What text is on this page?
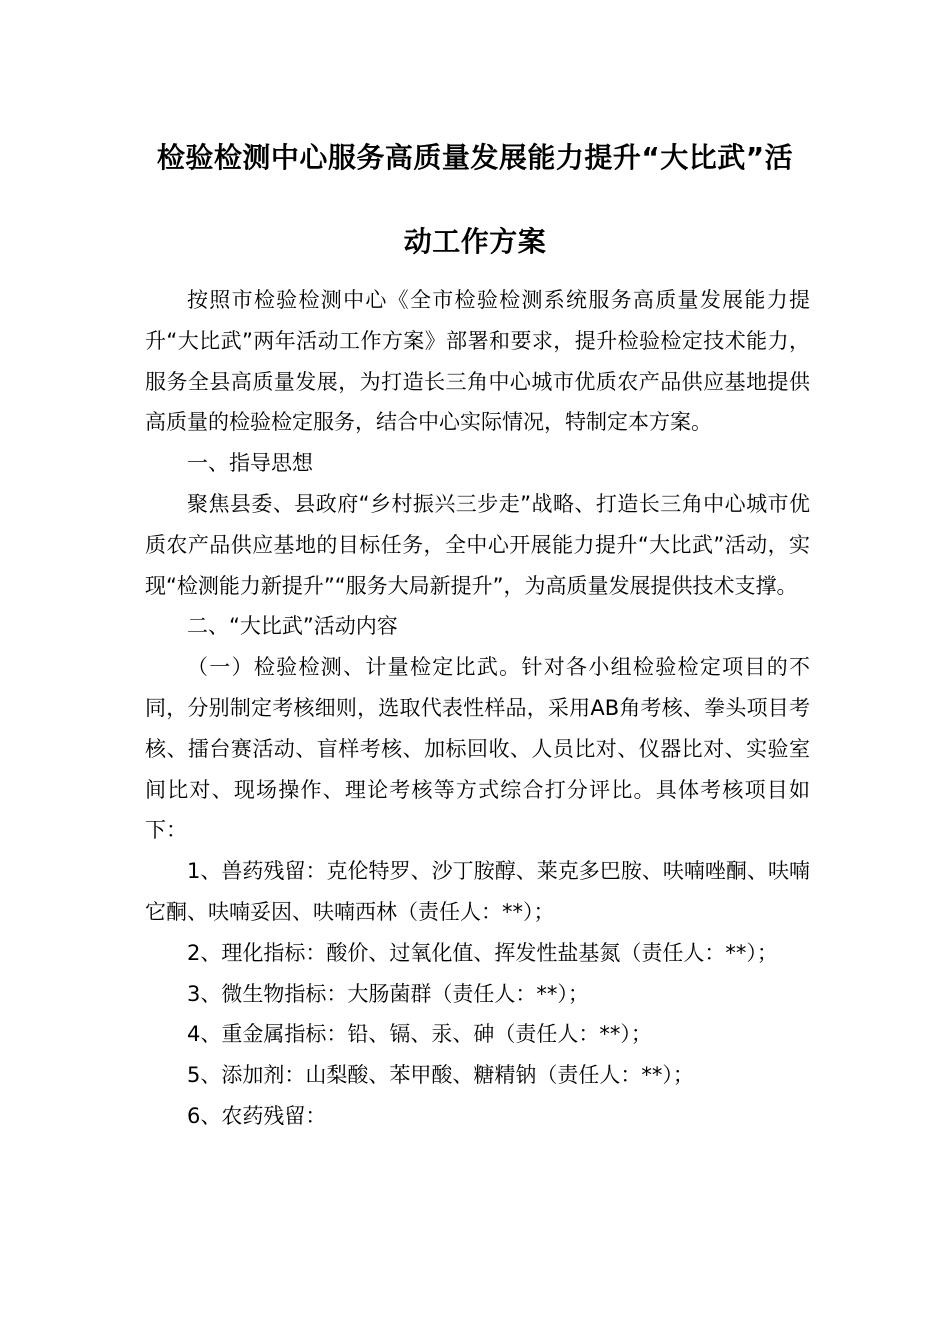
检验检测中心服务高质量发展能力提升“大比武”活
动工作方案

按照市检验检测中心《全市检验检测系统服务高质量发展能力提升“大比武”两年活动工作方案》部署和要求，提升检验检定技术能力，服务全县高质量发展，为打造长三角中心城市优质农产品供应基地提供高质量的检验检定服务，结合中心实际情况，特制定本方案。

一、指导思想

聚焦县委、县政府“乡村振兴三步走”战略、打造长三角中心城市优质农产品供应基地的目标任务，全中心开展能力提升“大比武”活动，实现“检测能力新提升”“服务大局新提升”，为高质量发展提供技术支撑。

二、“大比武”活动内容

（一）检验检测、计量检定比武。针对各小组检验检定项目的不同，分别制定考核细则，选取代表性样品，采用AB角考核、拳头项目考核、擂台赛活动、盲样考核、加标回收、人员比对、仪器比对、实验室间比对、现场操作、理论考核等方式综合打分评比。具体考核项目如下：

1、兽药残留：克伦特罗、沙丁胺醇、莱克多巴胺、呋喃唑酮、呋喃它酮、呋喃妥因、呋喃西林（责任人：**）；

2、理化指标：酸价、过氧化值、挥发性盐基氮（责任人：**）；

3、微生物指标：大肠菌群（责任人：**）；

4、重金属指标：铅、镉、汞、砷（责任人：**）；

5、添加剂：山梨酸、苯甲酸、糖精钠（责任人：**）；

6、农药残留：
